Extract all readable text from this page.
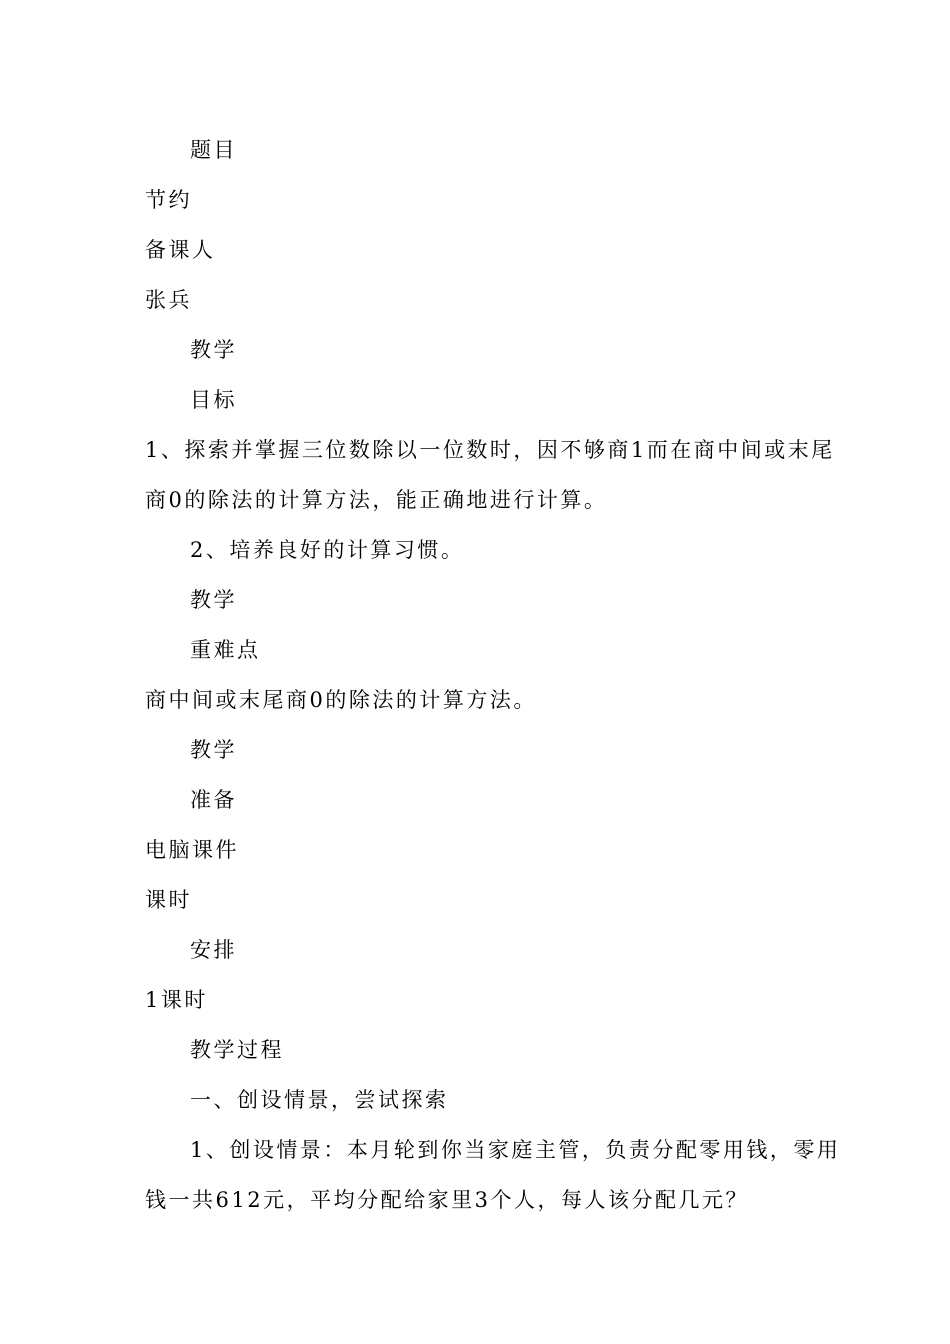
题目
节约
备课人
张兵
教学
目标
1、探索并掌握三位数除以一位数时，因不够商1而在商中间或末尾
商0的除法的计算方法，能正确地进行计算。
2、培养良好的计算习惯。
教学
重难点
商中间或末尾商0的除法的计算方法。
教学
准备
电脑课件
课时
安排
1课时
教学过程
一、创设情景，尝试探索
1、创设情景：本月轮到你当家庭主管，负责分配零用钱，零用
钱一共612元，平均分配给家里3个人，每人该分配几元？
